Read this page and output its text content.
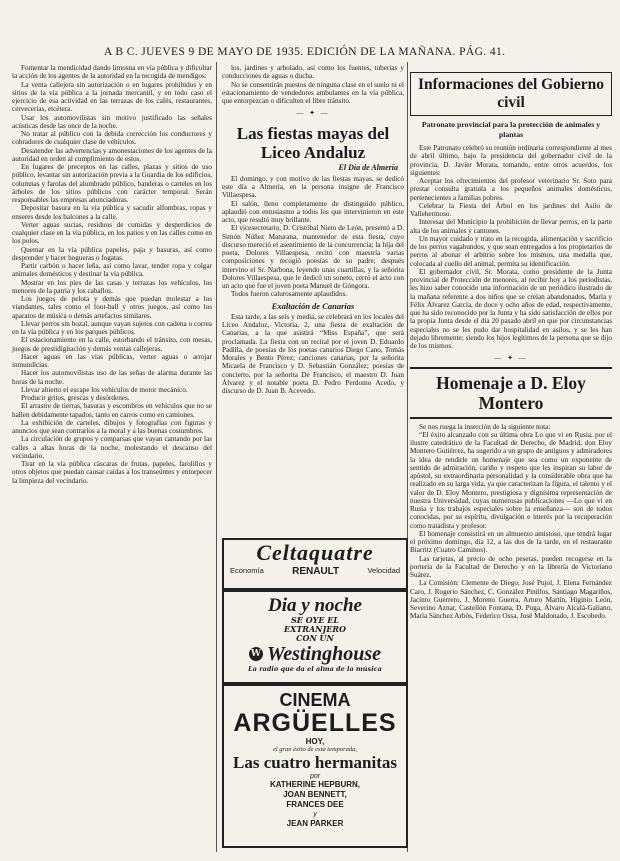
A B C. JUEVES 9 DE MAYO DE 1935. EDICIÓN DE LA MAÑANA. PÁG. 41.

Fomentar la mendicidad dando limosna en vía pública y dificultar la acción de los agentes de la autoridad en la recogida de mendigos.

La venta callejera sin autorización o en lugares prohibidos y en sitios de la vía pública a la jornada mercantil, y en todo caso el ejercicio de esa actividad en las terrazas de los cafés, restaurantes, cervecerías, etcétera.

Usar los automovilistas sin motivo justificado las señales acústicas desde las once de la noche.

No tratar al público con la debida corrección los conductores y cobradores de cualquier clase de vehículos.

Desatender las advertencias y amonestaciones de los agentes de la autoridad en orden al cumplimiento de estos.

En lugares de preceptos en las calles, plazas y sitios de uso público, levantar sin autorización previa a la Guardia de los edificios, columnas y farolas del alumbrado público, banderas o carteles en los árboles de los sitios públicos con carácter temporal. Serán responsables las empresas anunciadoras.

Depositar basura en la vía pública y sacudir alfombras, ropas y enseres desde los balcones a la calle.

Verter aguas sucias, residuos de comidas y desperdicios de cualquier clase en la vía pública, en los patios y en las calles como en los polos.

Quemar en la vía pública papeles, paja y basuras, así como desprender y hacer hogueras o fogatas.

Partir carbón o hacer leña, así como lavar, tender ropa y colgar animales domésticos y destinar la vía pública.

Mostrar en los pies de las casas y terrazas los vehículos, los menores de la patria y los caballos.

Los juegos de pelota y demás que puedan molestar a los viandantes, tales como el foot-ball y otros juegos, así como los aparatos de música o demás artefactos similares.

Llevar perros sin bozal, aunque vayan sujetos con cadena o correa en la vía pública y en los parques públicos.

El estacionamiento en la calle, estorbando el tránsito, con mesas, juegos de prestidigitación y demás ventas callejeras.

Hacer aguas en las vías públicas, verter aguas o arrojar inmundicias.

Hacer los automovilistas uso de las señas de alarma durante las horas de la noche.

Llevar abierto el escape los vehículos de motor mecánico.

Producir gritos, grescas y desórdenes.

El arrastre de tierras, basuras y escombros en vehículos que no se hallen debidamente tapados, tanto en carros como en camiones.

La exhibición de carteles, dibujos y fotografías con figuras y anuncios que sean contrarios a la moral y a las buenas costumbres.

La circulación de grupos y comparsas que vayan cantando por las calles a altas horas de la noche, molestando el descanso del vecindario.

Tirar en la vía pública cáscaras de frutas, papeles, farolillos y otros objetos que puedan causar caídas a los transeúntes y entorpecer la limpieza del vecindario.

los, jardines y arbolado, así como los fuentes, tuberías y conducciones de aguas o ducha.

No se consentirán puestos de ninguna clase en el suelo ni el estacionamiento de vendedores ambulantes en la vía pública, que entorpezcan o dificulten el libre tránsito.

— ✦ —
Las fiestas mayas del Liceo Andaluz
El Día de Almería

El domingo, y con motivo de las fiestas mayas, se dedicó este día a Almería, en la persona insigne de Francisco Villaespesa.

El salón, lleno completamente de distinguido público, aplaudió con entusiasmo a todos los que intervinieron en este acto, que resultó muy brillante.

El vicesecretario, D. Cristóbal Nieto de León, presentó a D. Simón Núñez Maturana, mantenedor de esta fiesta, cuyo discurso mereció el asentimiento de la concurrencia; la hija del poeta, Dolores Villaespesa, recitó con maestría varias composiciones y recogió poesías de su padre; después intervino el Sr. Narbona, leyendo unas cuartillas, y la señorita Dolores Villaespesa, que le dedicó un soneto, cerró el acto con un acto que fue el joven poeta Manuel de Góngora.

Todos fueron calurosamente aplaudidos.

Exaltación de Canarias

Esta tarde, a las seis y media, se celebrará en los locales del Liceo Andaluz, Victoria, 2, una fiesta de exaltación de Canarias, a la que asistirá “Miss España”, que será proclamada. La fiesta con un recital por el joven D. Eduardo Padilla, de poesías de los poetas canarios Diego Cano, Tomás Morales y Bento Pérez; canciones canarias, por la señorita Micaela de Francisco y D. Sebastián González; poesías de concierto, por la señorita De Francisco, el maestro D. Juan Álvarez y el notable poeta D. Pedro Perdomo Acedo, y discurso de D. Juan B. Acevedo.

Celtaquatre
Economía	RENAULT	Velocidad
Dia y noche
SE OYE EL
EXTRANJERO
CON UN
W Westinghouse
La radio que da el alma de la música
CINEMA
ARGÜELLES
HOY,
el gran éxito de esta temporada,
Las cuatro hermanitas
por
KATHERINE HEPBURN,
JOAN BENNETT,
FRANCES DEE
y
JEAN PARKER
Informaciones del Gobierno civil
Patronato provincial para la protección de animales y plantas

Este Patronato celebró su reunión ordinaria correspondiente al mes de abril último, bajo la presidencia del gobernador civil de la provincia, D. Javier Morata, tomando, entre otros acuerdos, los siguientes:

Aceptar los ofrecimientos del profesor veterinario Sr. Soto para prestar consulta gratuita a los pequeños animales domésticos, pertenecientes a familias pobres.

Celebrar la Fiesta del Árbol en los jardines del Asilo de Vallehermoso.

Interesar del Municipio la prohibición de llevar perros, en la parte alta de los animales y cantones.

Un mayor cuidado y trato en la recogida, alimentación y sacrificio de los perros vagabundos, y que sean entregados a los propietarios de perros al abonar el arbitrio sobre los mismos, una medalla que, colocada al cuello del animal, permita su identificación.

El gobernador civil, Sr. Morata, como presidente de la Junta provincial de Protección de menores, al recibir hoy a los periodistas, les hizo saber conocido una información de un periódico ilustrado de la mañana referente a dos niños que se creían abandonados, María y Félix Álvarez García, de doce y ocho años de edad, respectivamente, que ha sido reconocido por la Junta y ha sido satisfacción de ellos por la propia Junta desde el día 20 pasado abril en que por circunstancias especiales no se les pudo dar hospitalidad en asilos, y se les han dejado libremente; siendo los hijos legítimos de la persona que se dijo de los mismos.

— ✦ —
Homenaje a D. Eloy Montero

Se nos ruega la inserción de la siguiente nota:

“El éxito alcanzado con su última obra Lo que vi en Rusia, por el ilustre catedrático de la Facultad de Derecho, de Madrid, don Eloy Montero Gutiérrez, ha sugerido a un grupo de antiguos y admiradores la idea de rendirle un homenaje que sea como un exponente de sentido de admiración, cariño y respeto que les inspiran su labor de apóstol, su extraordinaria personalidad y la considerable obra que ha realizado en su larga vida, ya que caracterizan la figura, el talento y el valor de D. Eloy Montero, prestigiosa y dignísima representación de nuestra Universidad, cuyas numerosas publicaciones —Lo que vi en Rusia y los trabajos especiales sobre la enseñanza— son de todos conocidas, por su espíritu, divulgación e interés por la recuperación como tratadista y profesor.

El homenaje consistirá en un almuerzo amistoso, que tendrá lugar el próximo domingo, día 12, a las dos de la tarde, en el restaurante Biarritz (Cuatro Caminos).

Las tarjetas, al precio de ocho pesetas, pueden recogerse en la portería de la Facultad de Derecho y en la librería de Victoriano Suárez.

La Comisión: Clemente de Diego, José Pujol, J. Elena Fernández Caro, J. Rogerio Sánchez, C. González Pinillos, Santiago Magariños, Jacinto Guerrero, J. Moreno Guerra, Arturo Martín, Higinio León, Severino Aznar, Castellón Fontana, D. Puga, Álvaro Alcalá-Galiano, María Sánchez Arbós, Federico Ossa, José Maldonado, J. Escobedo.
